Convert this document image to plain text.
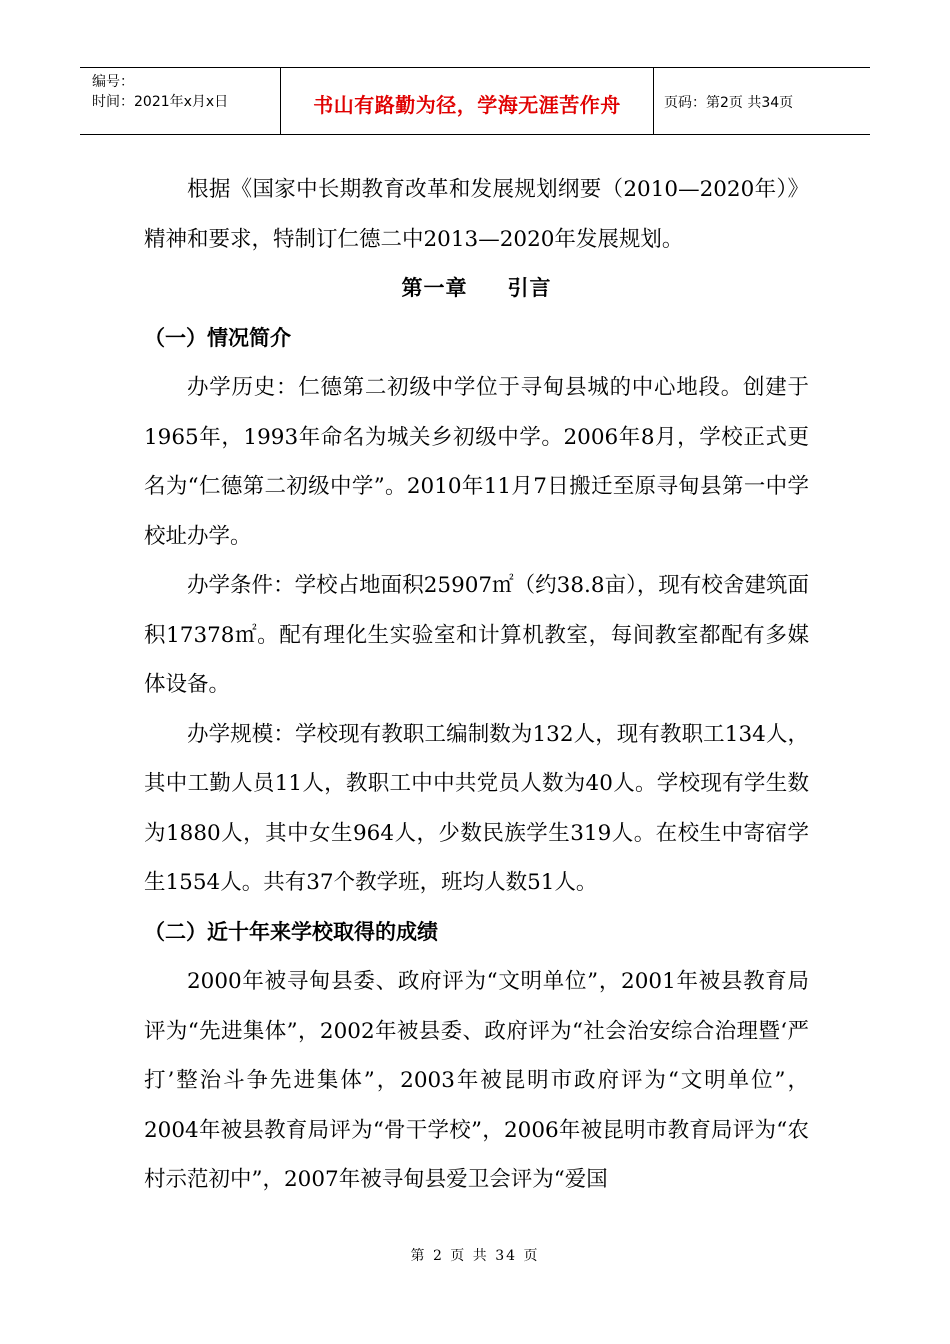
编号：
时间：2021年x月x日	书山有路勤为径，学海无涯苦作舟	页码：第2页 共34页

根据《国家中长期教育改革和发展规划纲要（2010—2020年）》精神和要求，特制订仁德二中2013—2020年发展规划。

第一章 引言
（一）情况简介

办学历史：仁德第二初级中学位于寻甸县城的中心地段。创建于1965年，1993年命名为城关乡初级中学。2006年8月，学校正式更名为“仁德第二初级中学”。2010年11月7日搬迁至原寻甸县第一中学校址办学。

办学条件：学校占地面积25907㎡（约38.8亩），现有校舍建筑面积17378㎡。配有理化生实验室和计算机教室，每间教室都配有多媒体设备。

办学规模：学校现有教职工编制数为132人，现有教职工134人，其中工勤人员11人，教职工中中共党员人数为40人。学校现有学生数为1880人，其中女生964人，少数民族学生319人。在校生中寄宿学生1554人。共有37个教学班，班均人数51人。

（二）近十年来学校取得的成绩

2000年被寻甸县委、政府评为“文明单位”，2001年被县教育局评为“先进集体”，2002年被县委、政府评为“社会治安综合治理暨‘严打’整治斗争先进集体”，2003年被昆明市政府评为“文明单位”，2004年被县教育局评为“骨干学校”，2006年被昆明市教育局评为“农村示范初中”，2007年被寻甸县爱卫会评为“爱国

第 2 页 共 34 页
